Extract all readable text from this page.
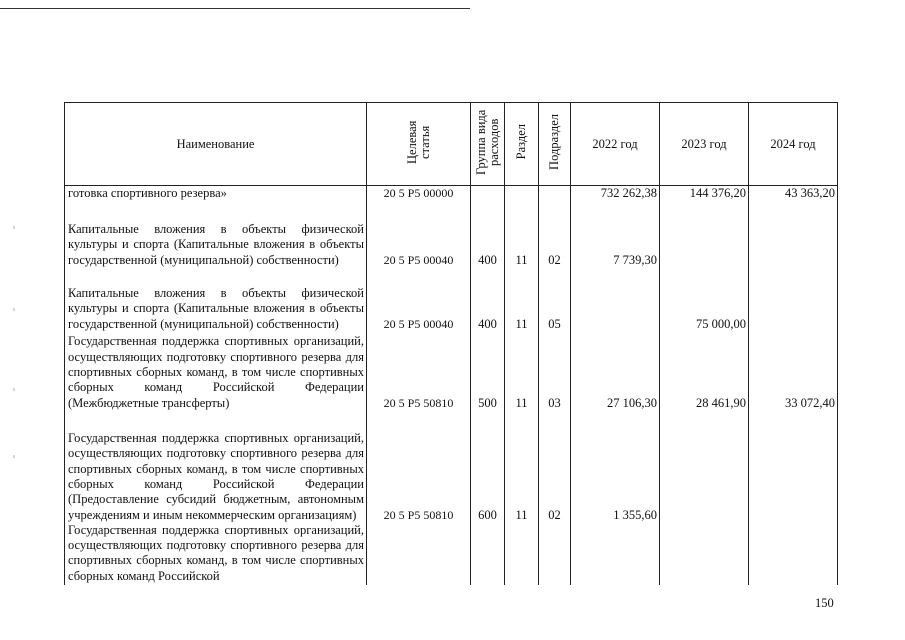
Наименование	Целевая статья	Группа вида расходов	Раздел	Подраздел	2022 год	2023 год	2024 год

готовка спортивного резерва»	20 5 P5 00000				732 262,38	144 376,20	43 363,20

Капитальные вложения в объекты физической культуры и спорта (Капитальные вложения в объекты государственной (муниципальной) собственности)	20 5 P5 00040	400	11	02	7 739,30		

Капитальные вложения в объекты физической культуры и спорта (Капитальные вложения в объекты государственной (муниципальной) собственности)	20 5 P5 00040	400	11	05		75 000,00	

Государственная поддержка спортивных организаций, осуществляющих подготовку спортивного резерва для спортивных сборных команд, в том числе спортивных сборных команд Российской Федерации (Межбюджетные трансферты)	20 5 P5 50810	500	11	03	27 106,30	28 461,90	33 072,40

Государственная поддержка спортивных организаций, осуществляющих подготовку спортивного резерва для спортивных сборных команд, в том числе спортивных сборных команд Российской Федерации (Предоставление субсидий бюджетным, автономным учреждениям и иным некоммерческим организациям)	20 5 P5 50810	600	11	02	1 355,60		

Государственная поддержка спортивных организаций, осуществляющих подготовку спортивного резерва для спортивных сборных команд, в том числе спортивных сборных команд Российской							

150
